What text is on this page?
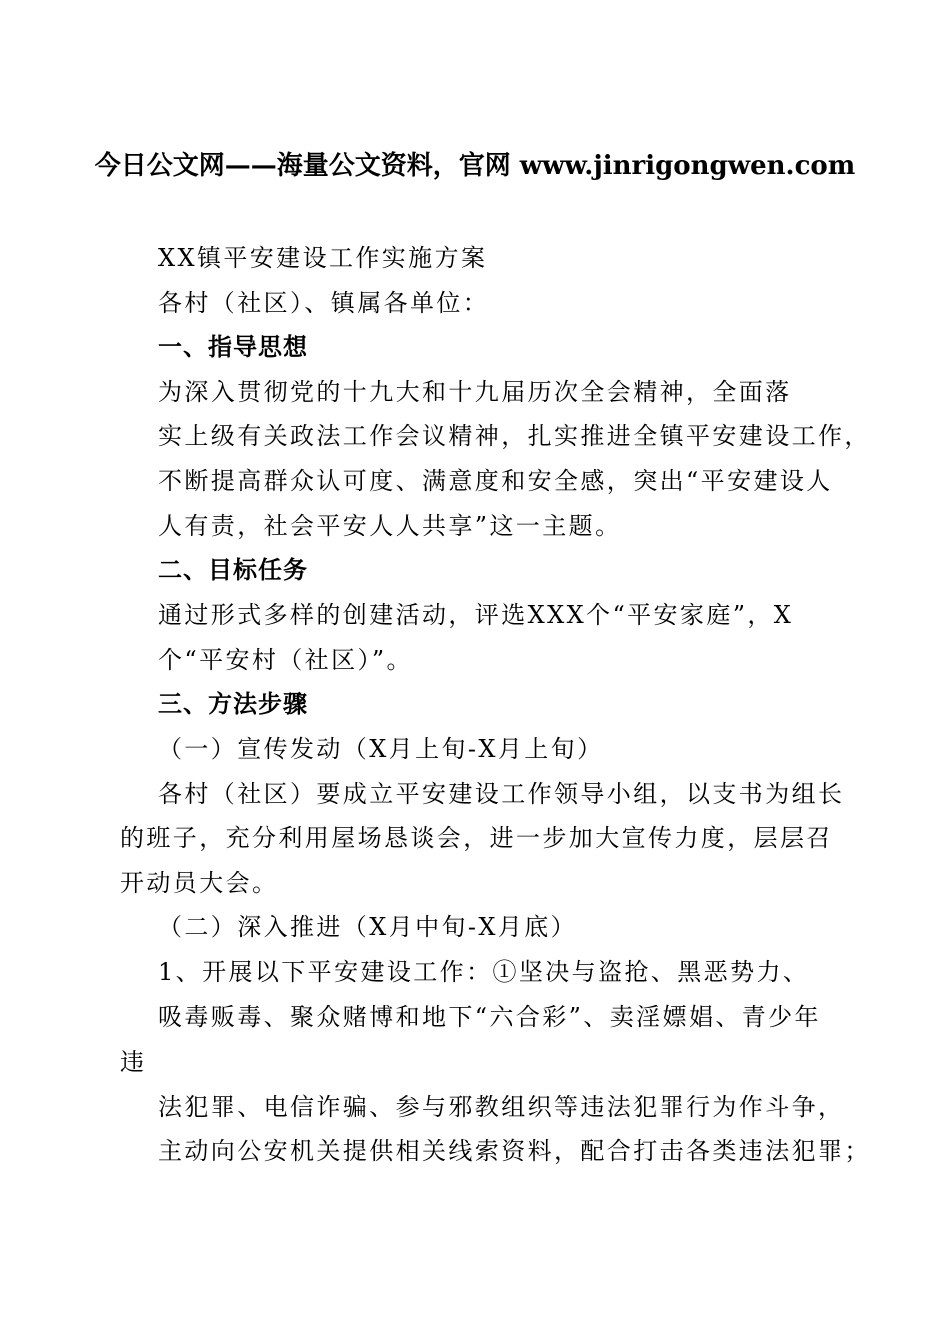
今日公文网——海量公文资料，官网 www.jinrigongwen.com
XX镇平安建设工作实施方案
各村（社区）、镇属各单位：
一、指导思想
为深入贯彻党的十九大和十九届历次全会精神，全面落
实上级有关政法工作会议精神，扎实推进全镇平安建设工作，
不断提高群众认可度、满意度和安全感，突出“平安建设人
人有责，社会平安人人共享”这一主题。
二、目标任务
通过形式多样的创建活动，评选XXX个“平安家庭”，X
个“平安村（社区）”。
三、方法步骤
（一）宣传发动（X月上旬-X月上旬）
各村（社区）要成立平安建设工作领导小组，以支书为组长
的班子，充分利用屋场恳谈会，进一步加大宣传力度，层层召
开动员大会。
（二）深入推进（X月中旬-X月底）
1、开展以下平安建设工作：①坚决与盗抢、黑恶势力、
吸毒贩毒、聚众赌博和地下“六合彩”、卖淫嫖娼、青少年
违
法犯罪、电信诈骗、参与邪教组织等违法犯罪行为作斗争，
主动向公安机关提供相关线索资料，配合打击各类违法犯罪；
